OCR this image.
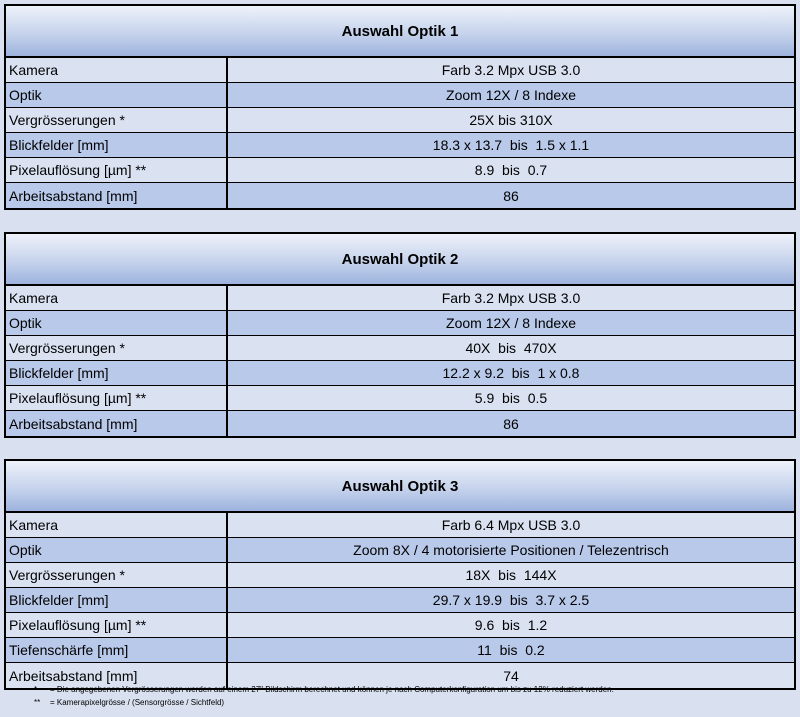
Auswahl Optik 1
Kamera	Farb 3.2 Mpx USB 3.0
Optik	Zoom 12X / 8 Indexe
Vergrösserungen *	25X bis 310X
Blickfelder [mm]	18.3 x 13.7  bis  1.5 x 1.1
Pixelauflösung [µm] **	8.9  bis  0.7
Arbeitsabstand [mm]	86
Auswahl Optik 2
Kamera	Farb 3.2 Mpx USB 3.0
Optik	Zoom 12X / 8 Indexe
Vergrösserungen *	40X  bis  470X
Blickfelder [mm]	12.2 x 9.2  bis  1 x 0.8
Pixelauflösung [µm] **	5.9  bis  0.5
Arbeitsabstand [mm]	86
Auswahl Optik 3
Kamera	Farb 6.4 Mpx USB 3.0
Optik	Zoom 8X / 4 motorisierte Positionen / Telezentrisch
Vergrösserungen *	18X  bis  144X
Blickfelder [mm]	29.7 x 19.9  bis  3.7 x 2.5
Pixelauflösung [µm] **	9.6  bis  1.2
Tiefenschärfe [mm]	11  bis  0.2
Arbeitsabstand [mm]	74
*	= Die angegebenen Vergrösserungen werden auf einem 27" Bildschirm berechnet und können je nach Computerkonfiguration um bis zu 12% reduziert werden.
**	= Kamerapixelgrösse / (Sensorgrösse / Sichtfeld)
